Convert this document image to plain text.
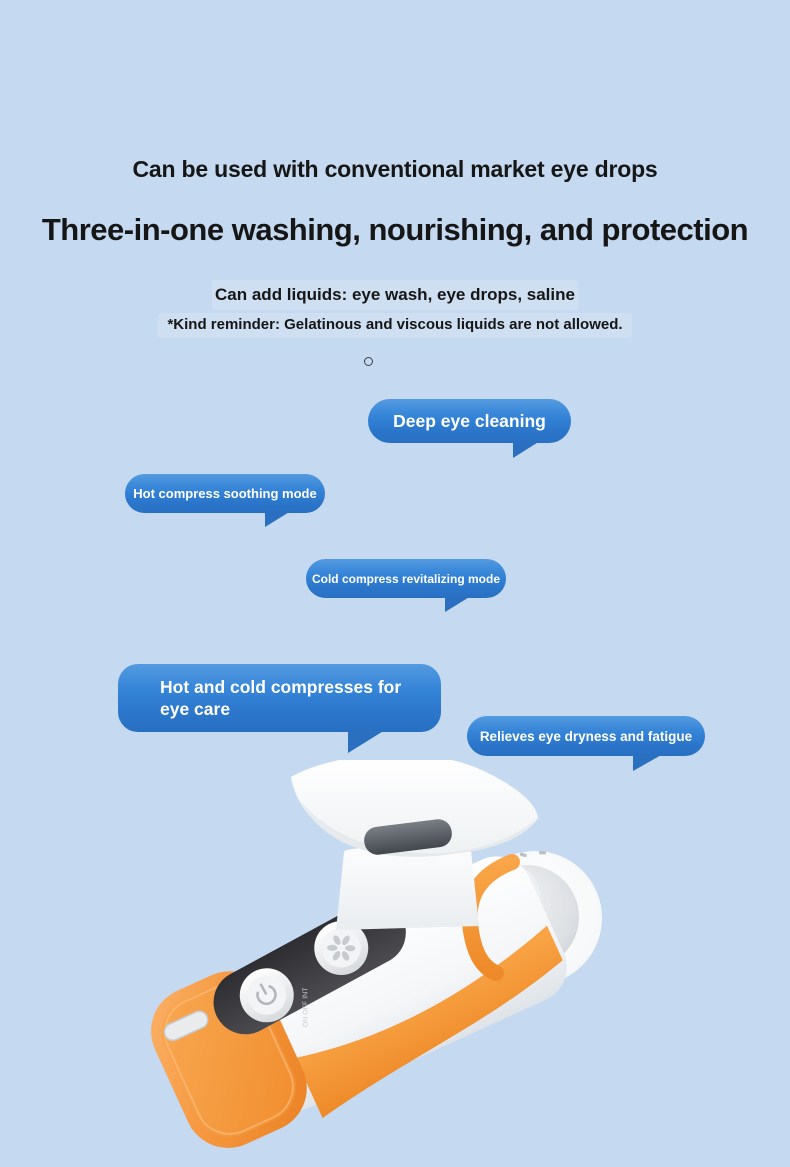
Can be used with conventional market eye drops
Three-in-one washing, nourishing, and protection
Can add liquids: eye wash, eye drops, saline
*Kind reminder: Gelatinous and viscous liquids are not allowed.
Deep eye cleaning
Hot compress soothing mode
Cold compress revitalizing mode
Hot and cold compresses for eye care
Relieves eye dryness and fatigue
ON OFF INT
